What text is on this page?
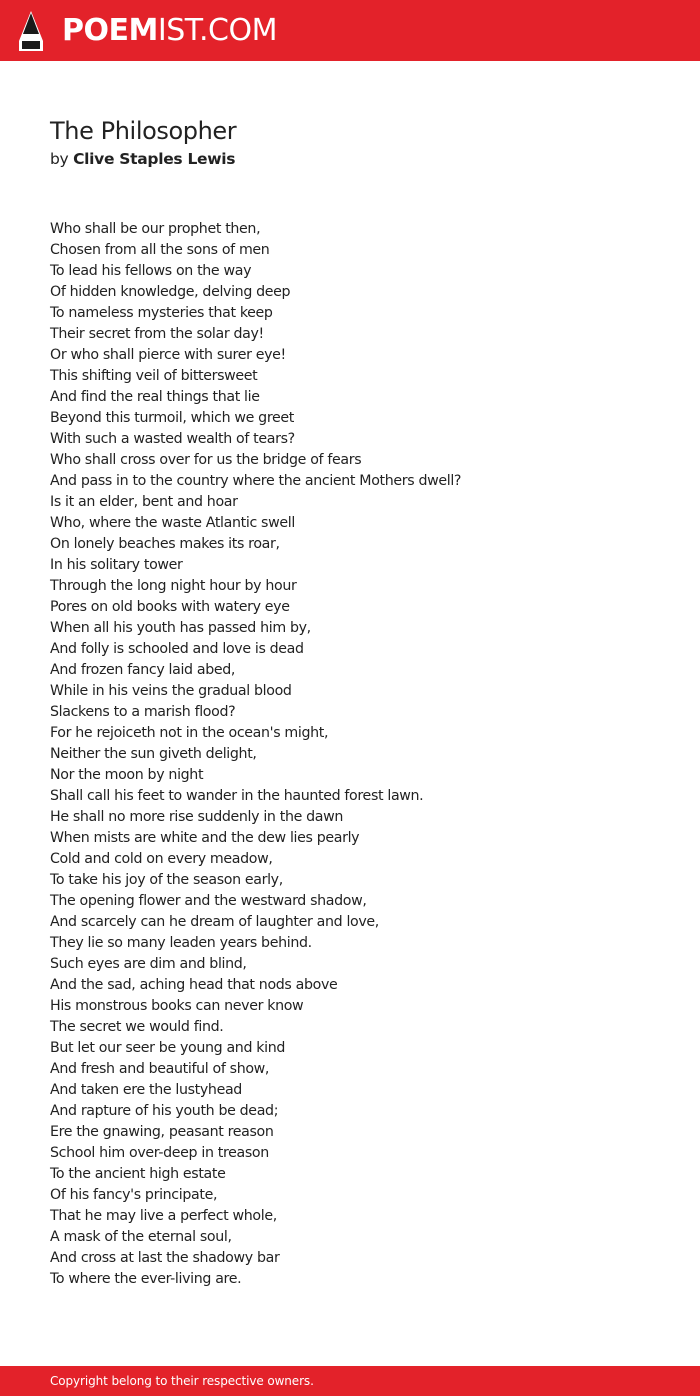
POEMIST.COM
The Philosopher
by Clive Staples Lewis
Who shall be our prophet then,
Chosen from all the sons of men
To lead his fellows on the way
Of hidden knowledge, delving deep
To nameless mysteries that keep
Their secret from the solar day!
Or who shall pierce with surer eye!
This shifting veil of bittersweet
And find the real things that lie
Beyond this turmoil, which we greet
With such a wasted wealth of tears?
Who shall cross over for us the bridge of fears
And pass in to the country where the ancient Mothers dwell?
Is it an elder, bent and hoar
Who, where the waste Atlantic swell
On lonely beaches makes its roar,
In his solitary tower
Through the long night hour by hour
Pores on old books with watery eye
When all his youth has passed him by,
And folly is schooled and love is dead
And frozen fancy laid abed,
While in his veins the gradual blood
Slackens to a marish flood?
For he rejoiceth not in the ocean's might,
Neither the sun giveth delight,
Nor the moon by night
Shall call his feet to wander in the haunted forest lawn.
He shall no more rise suddenly in the dawn
When mists are white and the dew lies pearly
Cold and cold on every meadow,
To take his joy of the season early,
The opening flower and the westward shadow,
And scarcely can he dream of laughter and love,
They lie so many leaden years behind.
Such eyes are dim and blind,
And the sad, aching head that nods above
His monstrous books can never know
The secret we would find.
But let our seer be young and kind
And fresh and beautiful of show,
And taken ere the lustyhead
And rapture of his youth be dead;
Ere the gnawing, peasant reason
School him over-deep in treason
To the ancient high estate
Of his fancy's principate,
That he may live a perfect whole,
A mask of the eternal soul,
And cross at last the shadowy bar
To where the ever-living are.
Copyright belong to their respective owners.
